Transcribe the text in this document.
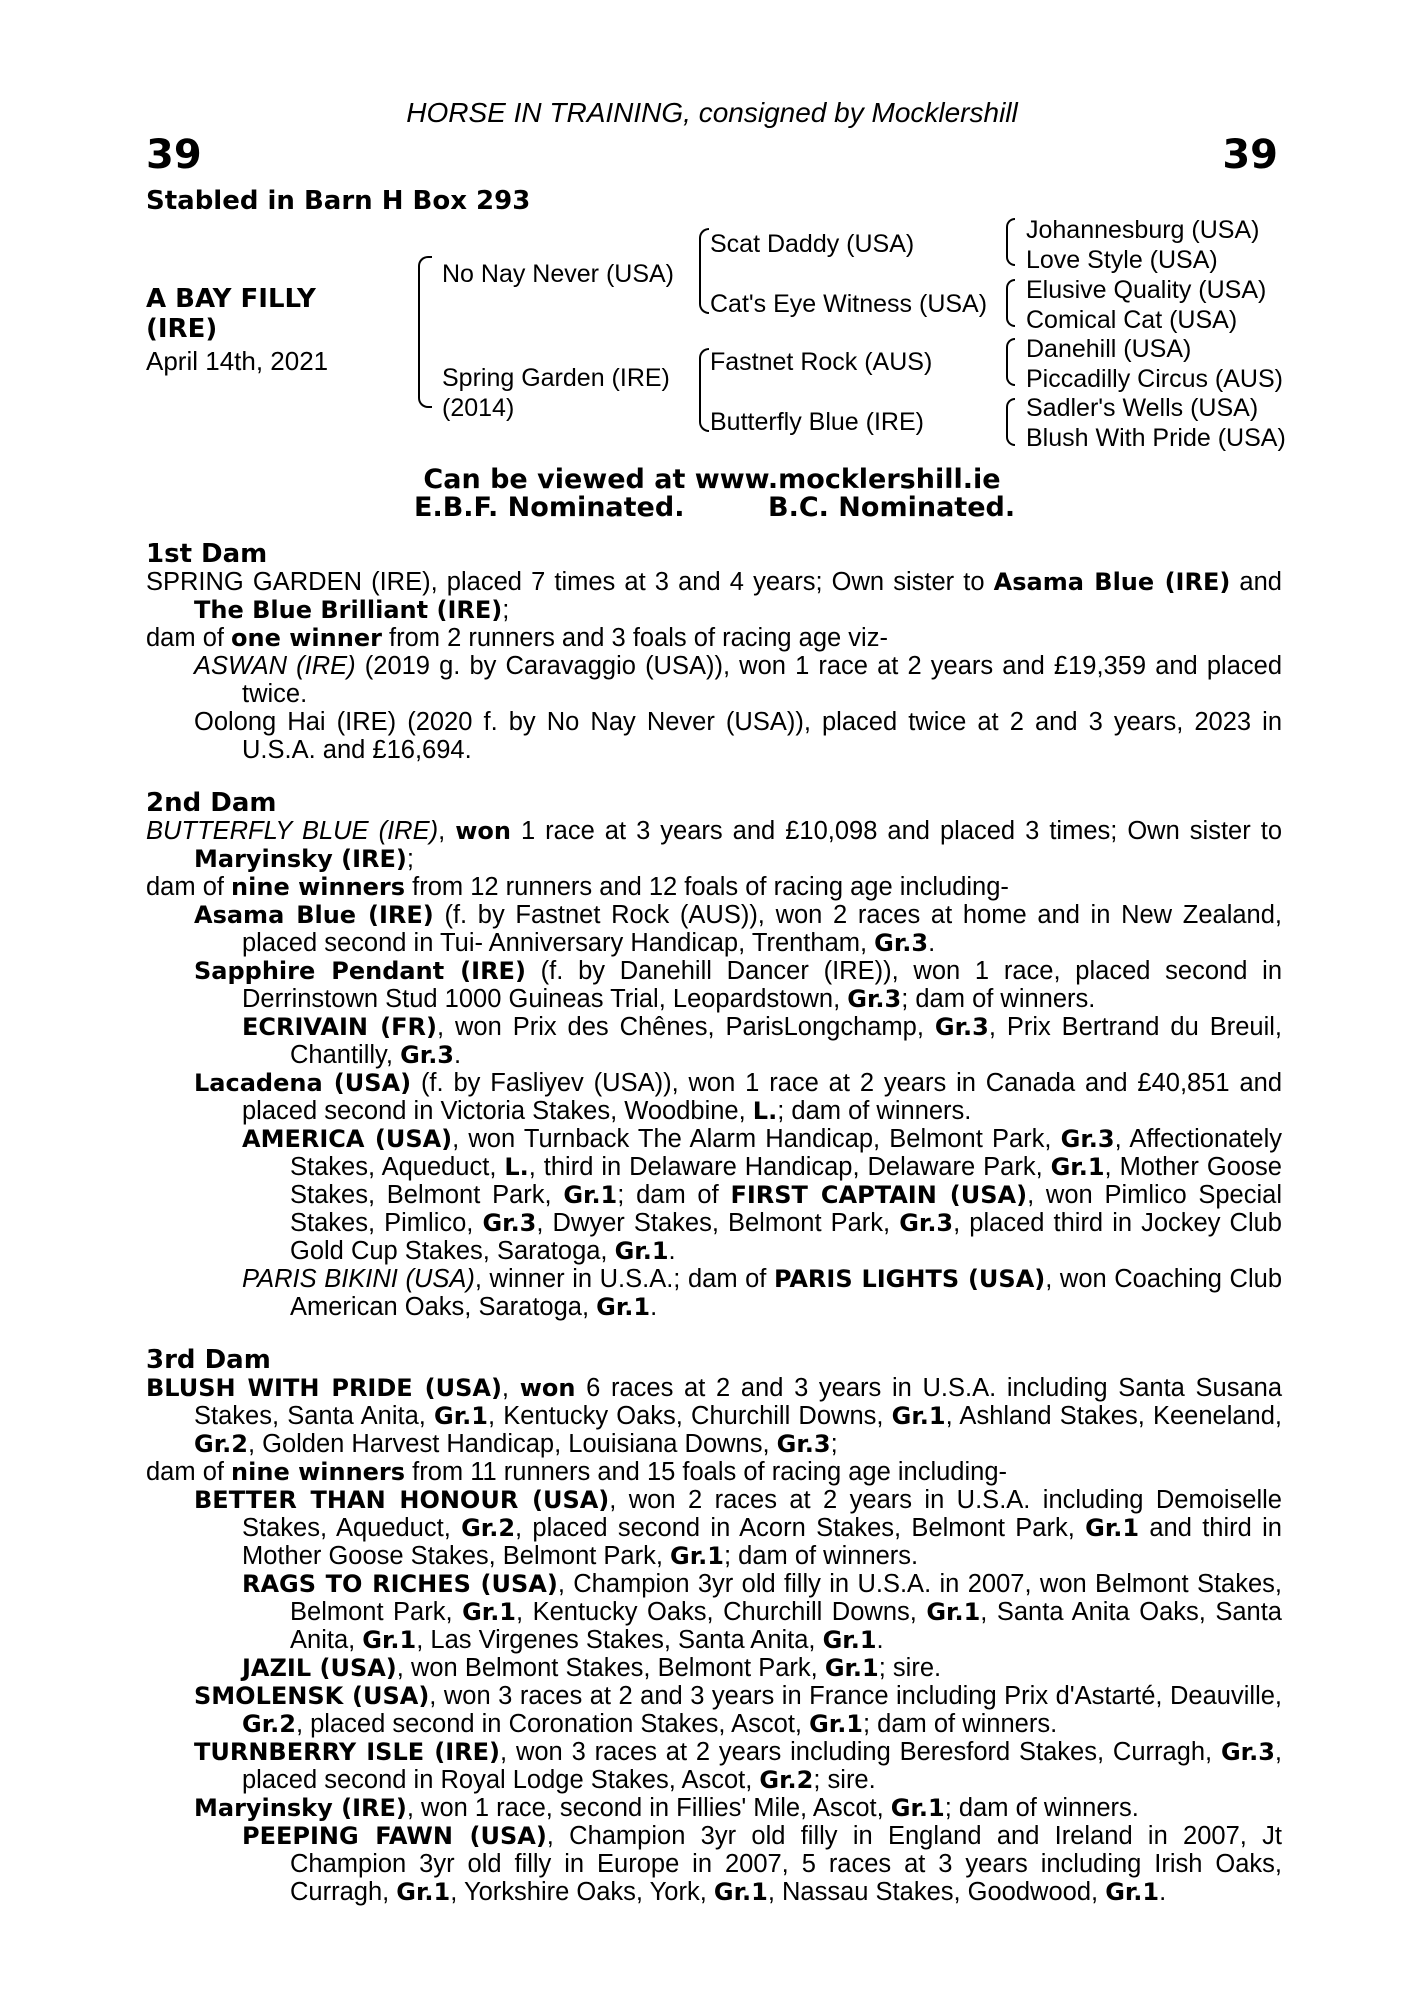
HORSE IN TRAINING, consigned by Mocklershill
39	39
Stabled in Barn H Box 293
A BAY FILLY
(IRE)
April 14th, 2021
No Nay Never (USA)
Spring Garden (IRE)
(2014)
Scat Daddy (USA)
Cat's Eye Witness (USA)
Fastnet Rock (AUS)
Butterfly Blue (IRE)
Johannesburg (USA)
Love Style (USA)
Elusive Quality (USA)
Comical Cat (USA)
Danehill (USA)
Piccadilly Circus (AUS)
Sadler's Wells (USA)
Blush With Pride (USA)
Can be viewed at www.mocklershill.ie
E.B.F. Nominated.	B.C. Nominated.

1st Dam

SPRING GARDEN (IRE), placed 7 times at 3 and 4 years; Own sister to Asama Blue (IRE) and The Blue Brilliant (IRE);

dam of one winner from 2 runners and 3 foals of racing age viz-

ASWAN (IRE) (2019 g. by Caravaggio (USA)), won 1 race at 2 years and £19,359 and placed twice.

Oolong Hai (IRE) (2020 f. by No Nay Never (USA)), placed twice at 2 and 3 years, 2023 in U.S.A. and £16,694.

2nd Dam

BUTTERFLY BLUE (IRE), won 1 race at 3 years and £10,098 and placed 3 times; Own sister to Maryinsky (IRE);

dam of nine winners from 12 runners and 12 foals of racing age including-

Asama Blue (IRE) (f. by Fastnet Rock (AUS)), won 2 races at home and in New Zealand, placed second in Tui- Anniversary Handicap, Trentham, Gr.3.

Sapphire Pendant (IRE) (f. by Danehill Dancer (IRE)), won 1 race, placed second in Derrinstown Stud 1000 Guineas Trial, Leopardstown, Gr.3; dam of winners.

ECRIVAIN (FR), won Prix des Chênes, ParisLongchamp, Gr.3, Prix Bertrand du Breuil, Chantilly, Gr.3.

Lacadena (USA) (f. by Fasliyev (USA)), won 1 race at 2 years in Canada and £40,851 and placed second in Victoria Stakes, Woodbine, L.; dam of winners.

AMERICA (USA), won Turnback The Alarm Handicap, Belmont Park, Gr.3, Affectionately Stakes, Aqueduct, L., third in Delaware Handicap, Delaware Park, Gr.1, Mother Goose Stakes, Belmont Park, Gr.1; dam of FIRST CAPTAIN (USA), won Pimlico Special Stakes, Pimlico, Gr.3, Dwyer Stakes, Belmont Park, Gr.3, placed third in Jockey Club Gold Cup Stakes, Saratoga, Gr.1.

PARIS BIKINI (USA), winner in U.S.A.; dam of PARIS LIGHTS (USA), won Coaching Club American Oaks, Saratoga, Gr.1.

3rd Dam

BLUSH WITH PRIDE (USA), won 6 races at 2 and 3 years in U.S.A. including Santa Susana Stakes, Santa Anita, Gr.1, Kentucky Oaks, Churchill Downs, Gr.1, Ashland Stakes, Keeneland, Gr.2, Golden Harvest Handicap, Louisiana Downs, Gr.3;

dam of nine winners from 11 runners and 15 foals of racing age including-

BETTER THAN HONOUR (USA), won 2 races at 2 years in U.S.A. including Demoiselle Stakes, Aqueduct, Gr.2, placed second in Acorn Stakes, Belmont Park, Gr.1 and third in Mother Goose Stakes, Belmont Park, Gr.1; dam of winners.

RAGS TO RICHES (USA), Champion 3yr old filly in U.S.A. in 2007, won Belmont Stakes, Belmont Park, Gr.1, Kentucky Oaks, Churchill Downs, Gr.1, Santa Anita Oaks, Santa Anita, Gr.1, Las Virgenes Stakes, Santa Anita, Gr.1.

JAZIL (USA), won Belmont Stakes, Belmont Park, Gr.1; sire.

SMOLENSK (USA), won 3 races at 2 and 3 years in France including Prix d'Astarté, Deauville, Gr.2, placed second in Coronation Stakes, Ascot, Gr.1; dam of winners.

TURNBERRY ISLE (IRE), won 3 races at 2 years including Beresford Stakes, Curragh, Gr.3, placed second in Royal Lodge Stakes, Ascot, Gr.2; sire.

Maryinsky (IRE), won 1 race, second in Fillies' Mile, Ascot, Gr.1; dam of winners.

PEEPING FAWN (USA), Champion 3yr old filly in England and Ireland in 2007, Jt Champion 3yr old filly in Europe in 2007, 5 races at 3 years including Irish Oaks, Curragh, Gr.1, Yorkshire Oaks, York, Gr.1, Nassau Stakes, Goodwood, Gr.1.
